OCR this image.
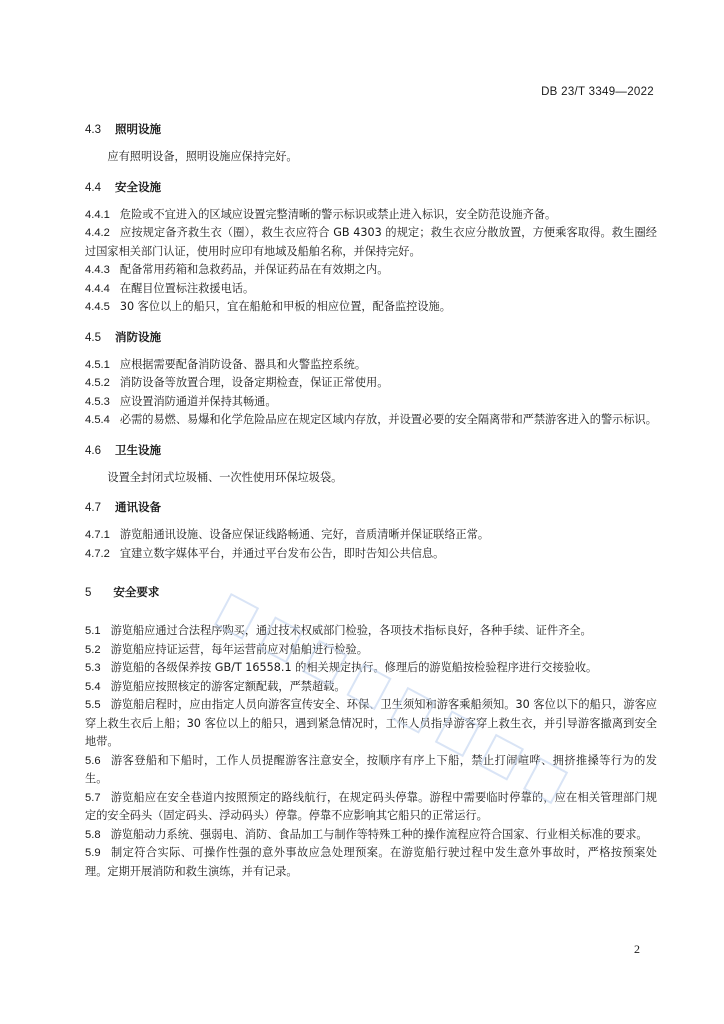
DB 23/T 3349—2022

4.3 照明设施

应有照明设备，照明设施应保持完好。

4.4 安全设施

4.4.1 危险或不宜进入的区域应设置完整清晰的警示标识或禁止进入标识，安全防范设施齐备。

4.4.2 应按规定备齐救生衣（圈），救生衣应符合 GB 4303 的规定；救生衣应分散放置，方便乘客取得。救生圈经过国家相关部门认证，使用时应印有地域及船舶名称，并保持完好。

4.4.3 配备常用药箱和急救药品，并保证药品在有效期之内。

4.4.4 在醒目位置标注救援电话。

4.4.5 30 客位以上的船只，宜在船舱和甲板的相应位置，配备监控设施。

4.5 消防设施

4.5.1 应根据需要配备消防设备、器具和火警监控系统。

4.5.2 消防设备等放置合理，设备定期检查，保证正常使用。

4.5.3 应设置消防通道并保持其畅通。

4.5.4 必需的易燃、易爆和化学危险品应在规定区域内存放，并设置必要的安全隔离带和严禁游客进入的警示标识。

4.6 卫生设施

设置全封闭式垃圾桶、一次性使用环保垃圾袋。

4.7 通讯设备

4.7.1 游览船通讯设施、设备应保证线路畅通、完好，音质清晰并保证联络正常。

4.7.2 宜建立数字媒体平台，并通过平台发布公告，即时告知公共信息。

5 安全要求

5.1 游览船应通过合法程序购买，通过技术权威部门检验，各项技术指标良好，各种手续、证件齐全。

5.2 游览船应持证运营，每年运营前应对船舶进行检验。

5.3 游览船的各级保养按 GB/T 16558.1 的相关规定执行。修理后的游览船按检验程序进行交接验收。

5.4 游览船应按照核定的游客定额配载，严禁超载。

5.5 游览船启程时，应由指定人员向游客宣传安全、环保、卫生须知和游客乘船须知。30 客位以下的船只，游客应穿上救生衣后上船；30 客位以上的船只，遇到紧急情况时，工作人员指导游客穿上救生衣，并引导游客撤离到安全地带。

5.6 游客登船和下船时，工作人员提醒游客注意安全，按顺序有序上下船，禁止打闹喧哗、拥挤推搡等行为的发生。

5.7 游览船应在安全巷道内按照预定的路线航行，在规定码头停靠。游程中需要临时停靠的，应在相关管理部门规定的安全码头（固定码头、浮动码头）停靠。停靠不应影响其它船只的正常运行。

5.8 游览船动力系统、强弱电、消防、食品加工与制作等特殊工种的操作流程应符合国家、行业相关标准的要求。

5.9 制定符合实际、可操作性强的意外事故应急处理预案。在游览船行驶过程中发生意外事故时，严格按预案处理。定期开展消防和救生演练，并有记录。

2
